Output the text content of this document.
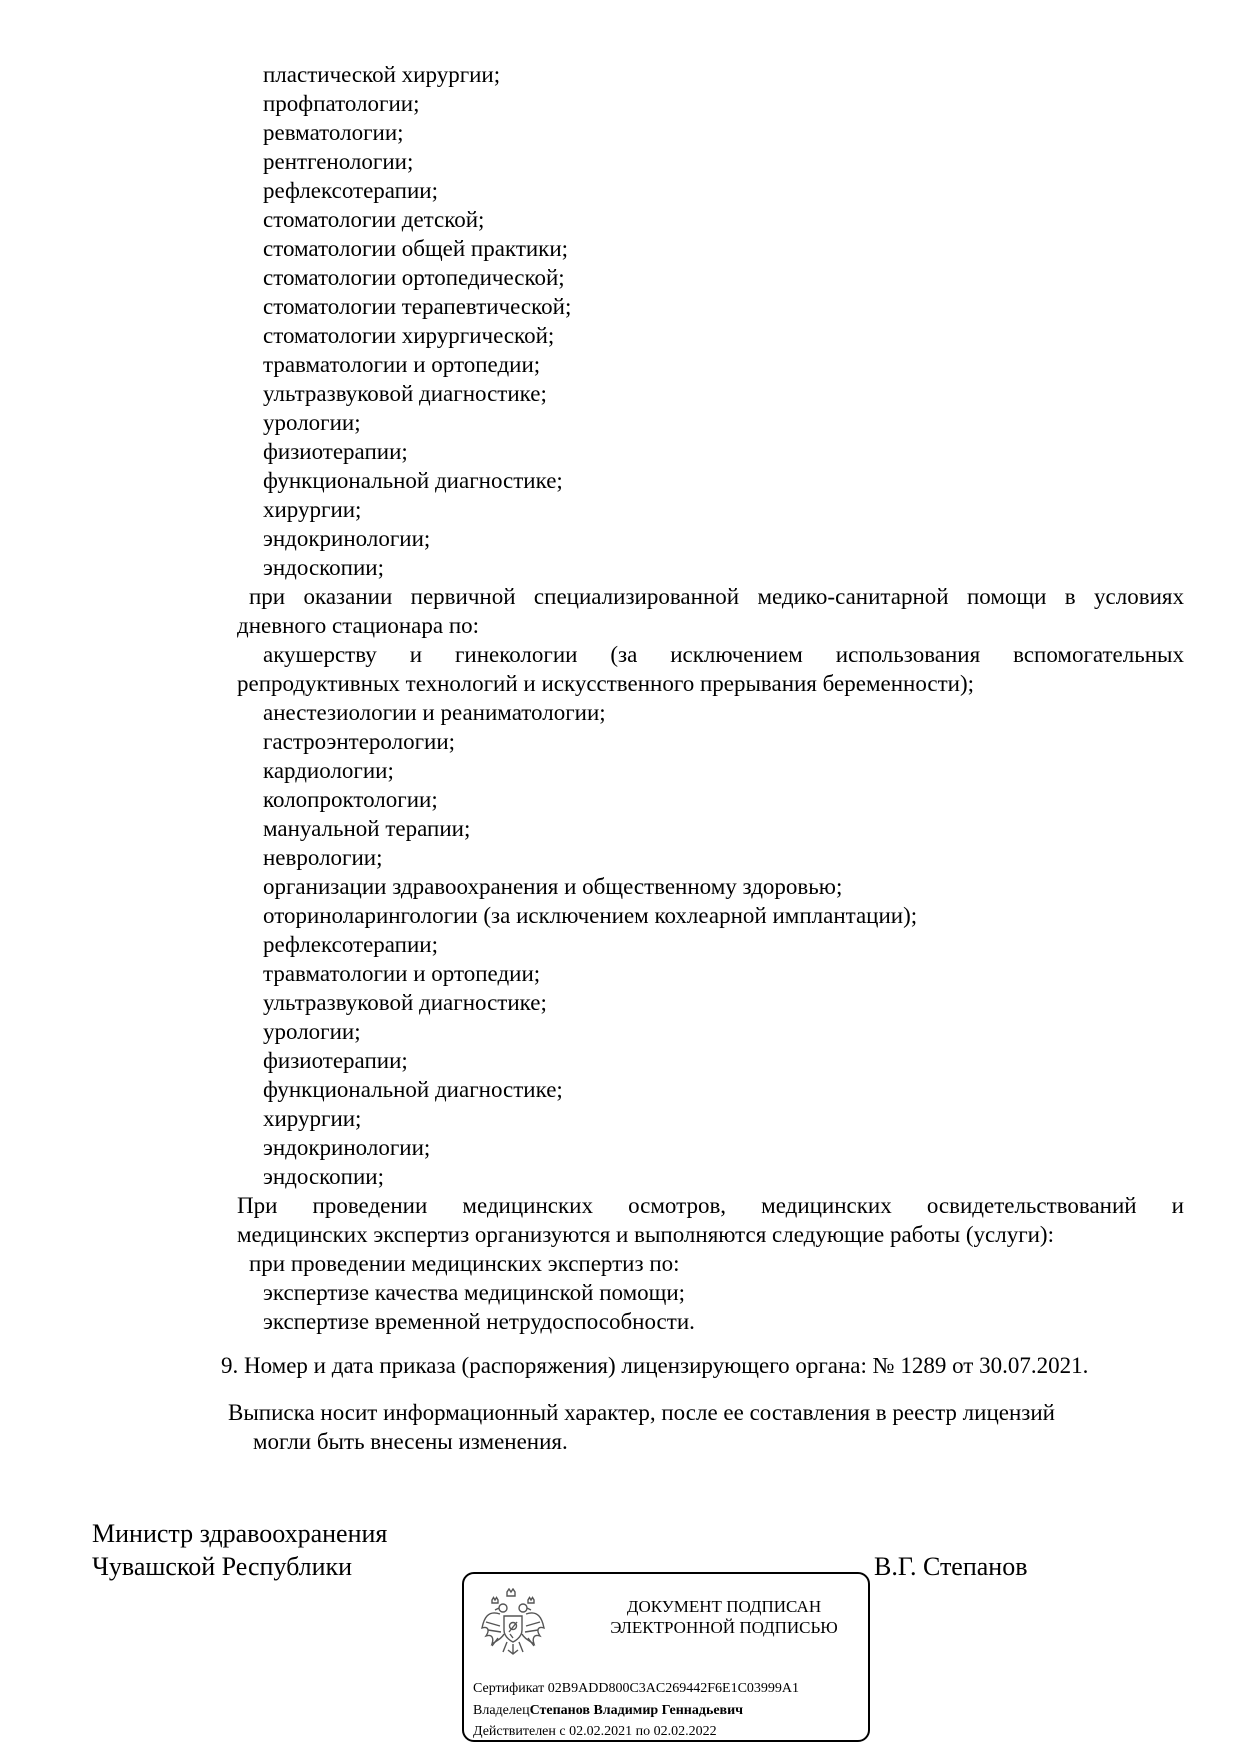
пластической хирургии;
профпатологии;
ревматологии;
рентгенологии;
рефлексотерапии;
стоматологии детской;
стоматологии общей практики;
стоматологии ортопедической;
стоматологии терапевтической;
стоматологии хирургической;
травматологии и ортопедии;
ультразвуковой диагностике;
урологии;
физиотерапии;
функциональной диагностике;
хирургии;
эндокринологии;
эндоскопии;
при оказании первичной специализированной медико-санитарной помощи в условиях
дневного стационара по:
акушерству и гинекологии (за исключением использования вспомогательных
репродуктивных технологий и искусственного прерывания беременности);
анестезиологии и реаниматологии;
гастроэнтерологии;
кардиологии;
колопроктологии;
мануальной терапии;
неврологии;
организации здравоохранения и общественному здоровью;
оториноларингологии (за исключением кохлеарной имплантации);
рефлексотерапии;
травматологии и ортопедии;
ультразвуковой диагностике;
урологии;
физиотерапии;
функциональной диагностике;
хирургии;
эндокринологии;
эндоскопии;
При проведении медицинских осмотров, медицинских освидетельствований и
медицинских экспертиз организуются и выполняются следующие работы (услуги):
при проведении медицинских экспертиз по:
экспертизе качества медицинской помощи;
экспертизе временной нетрудоспособности.
9. Номер и дата приказа (распоряжения) лицензирующего органа: № 1289 от 30.07.2021.
Выписка носит информационный характер, после ее составления в реестр лицензий
могли быть внесены изменения.
Министр здравоохранения
Чувашской Республики	В.Г. Степанов
ДОКУМЕНТ ПОДПИСАН
ЭЛЕКТРОННОЙ ПОДПИСЬЮ
Сертификат 02B9ADD800C3AC269442F6E1C03999A1
ВладелецСтепанов Владимир Геннадьевич
Действителен с 02.02.2021 по 02.02.2022
